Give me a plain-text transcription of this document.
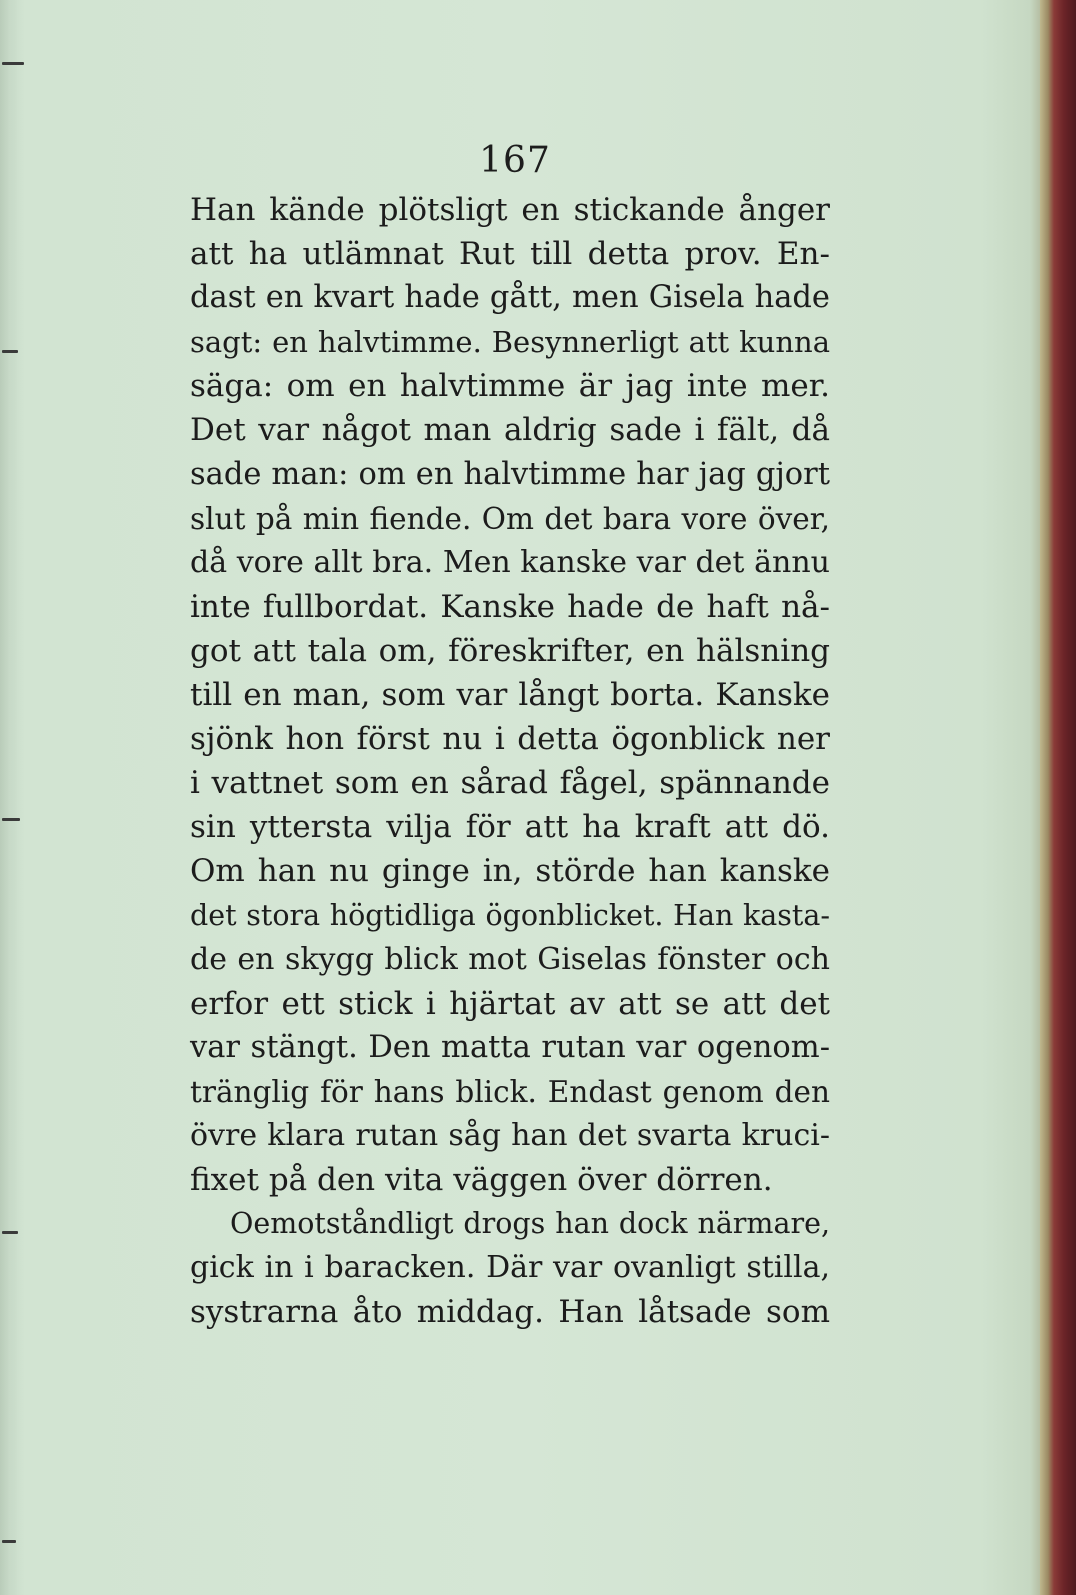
167
Han kände plötsligt en stickande ånger
att ha utlämnat Rut till detta prov. En-
dast en kvart hade gått, men Gisela hade
sagt: en halvtimme. Besynnerligt att kunna
säga: om en halvtimme är jag inte mer.
Det var något man aldrig sade i fält, då
sade man: om en halvtimme har jag gjort
slut på min fiende. Om det bara vore över,
då vore allt bra. Men kanske var det ännu
inte fullbordat. Kanske hade de haft nå-
got att tala om, föreskrifter, en hälsning
till en man, som var långt borta. Kanske
sjönk hon först nu i detta ögonblick ner
i vattnet som en sårad fågel, spännande
sin yttersta vilja för att ha kraft att dö.
Om han nu ginge in, störde han kanske
det stora högtidliga ögonblicket. Han kasta-
de en skygg blick mot Giselas fönster och
erfor ett stick i hjärtat av att se att det
var stängt. Den matta rutan var ogenom-
tränglig för hans blick. Endast genom den
övre klara rutan såg han det svarta kruci-
fixet på den vita väggen över dörren.
Oemotståndligt drogs han dock närmare,
gick in i baracken. Där var ovanligt stilla,
systrarna åto middag. Han låtsade som
